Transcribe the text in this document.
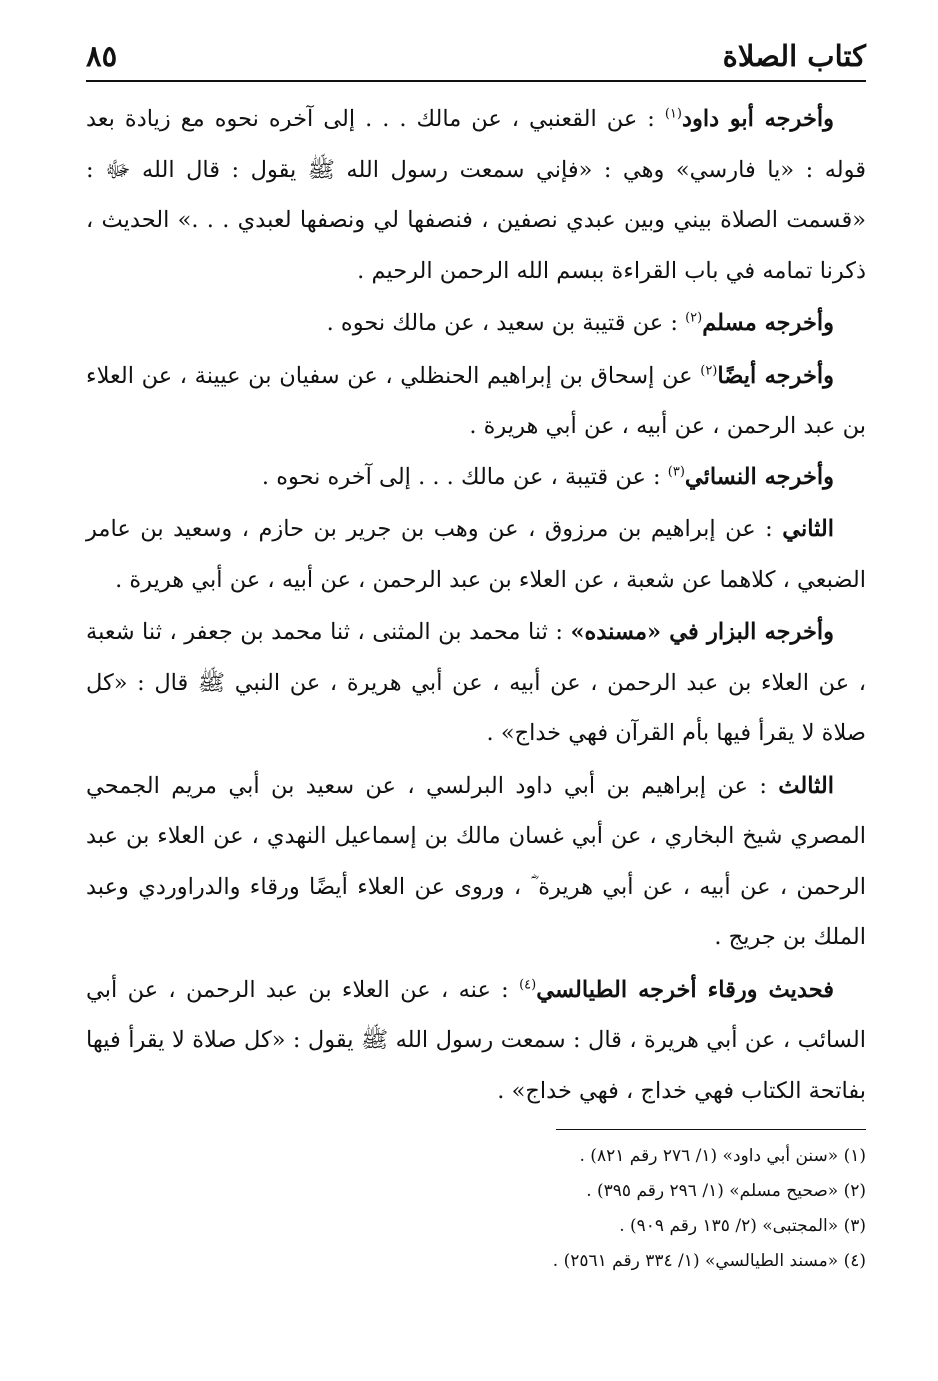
كتاب الصلاة
٨٥

وأخرجه أبو داود$^{(١)}$ : عن القعنبي ، عن مالك . . . إلى آخره نحوه مع زيادة بعد قوله : «يا فارسي» وهي : «فإني سمعت رسول الله ﷺ يقول : قال الله ﷻ : «قسمت الصلاة بيني وبين عبدي نصفين ، فنصفها لي ونصفها لعبدي . . .» الحديث ، ذكرنا تمامه في باب القراءة ببسم الله الرحمن الرحيم .

وأخرجه مسلم$^{(٢)}$ : عن قتيبة بن سعيد ، عن مالك نحوه .

وأخرجه أيضًا$^{(٢)}$ عن إسحاق بن إبراهيم الحنظلي ، عن سفيان بن عيينة ، عن العلاء بن عبد الرحمن ، عن أبيه ، عن أبي هريرة .

وأخرجه النسائي$^{(٣)}$ : عن قتيبة ، عن مالك . . . إلى آخره نحوه .

الثاني : عن إبراهيم بن مرزوق ، عن وهب بن جرير بن حازم ، وسعيد بن عامر الضبعي ، كلاهما عن شعبة ، عن العلاء بن عبد الرحمن ، عن أبيه ، عن أبي هريرة .

وأخرجه البزار في «مسنده» : ثنا محمد بن المثنى ، ثنا محمد بن جعفر ، ثنا شعبة ، عن العلاء بن عبد الرحمن ، عن أبيه ، عن أبي هريرة ، عن النبي ﷺ قال : «كل صلاة لا يقرأ فيها بأم القرآن فهي خداج» .

الثالث : عن إبراهيم بن أبي داود البرلسي ، عن سعيد بن أبي مريم الجمحي المصري شيخ البخاري ، عن أبي غسان مالك بن إسماعيل النهدي ، عن العلاء بن عبد الرحمن ، عن أبيه ، عن أبي هريرة ؓ ، وروى عن العلاء أيضًا ورقاء والدراوردي وعبد الملك بن جريج .

فحديث ورقاء أخرجه الطيالسي$^{(٤)}$ : عنه ، عن العلاء بن عبد الرحمن ، عن أبي السائب ، عن أبي هريرة ، قال : سمعت رسول الله ﷺ يقول : «كل صلاة لا يقرأ فيها بفاتحة الكتاب فهي خداج ، فهي خداج» .

(١) «سنن أبي داود» (١/ ٢٧٦ رقم ٨٢١) .

(٢) «صحيح مسلم» (١/ ٢٩٦ رقم ٣٩٥) .

(٣) «المجتبى» (٢/ ١٣٥ رقم ٩٠٩) .

(٤) «مسند الطيالسي» (١/ ٣٣٤ رقم ٢٥٦١) .
